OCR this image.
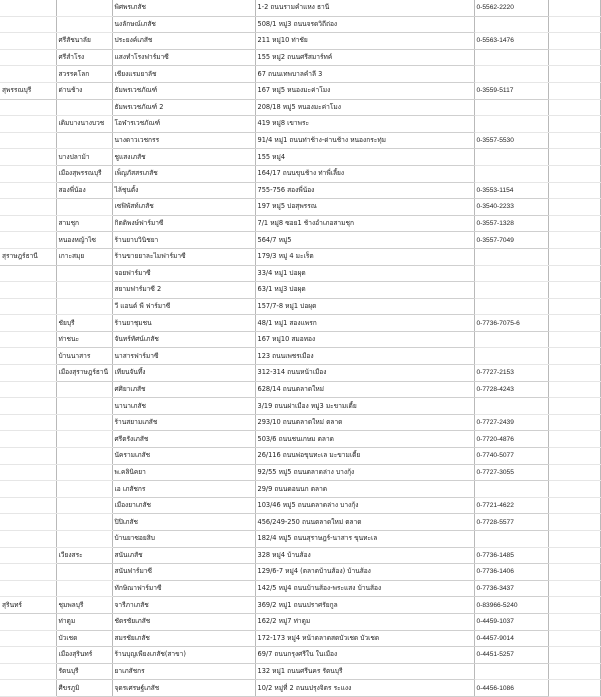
		พิศพรเภสัช	1-2 ถนนรามคำแหง ธานี	0-5562-2220	
		นงลักษณ์เภสัช	508/1 หมู่3 ถนนจรดวิถีถ่อง		
	ศรีสัชนาลัย	ประยงค์เภสัช	211 หมู่10 ท่าชัย	0-5563-1476	
	ศรีสำโรง	แสงทำโรงฟาร์มาซี	155 หมู่2 ถนนศรีสมาร์ทค์		
	สวรรคโลก	เชียงแรมยาลัช	67 ถนนเทพบาลคำลี 3		
สุพรรณบุรี	ด่านช้าง	ธัมพรเวชภัณฑ์	167 หมู่5 หนองมะค่าโมง	0-3559-5117	
		ธัมพรเวชภัณฑ์ 2	208/18 หมู่5 หนองมะค่าโมง		
	เดิมบางนางบวช	โอฬารเวชภัณฑ์	419 หมู่8 เขาพระ		
		นางดาวเวชกรร	91/4 หมู่1 ถนนท่าช้าง-ด่านช้าง หนองกระทุ่ม	0-3557-5530	
	บางปลาม้า	ชูแสงเภสัช	155 หมู่4		
	เมืองสุพรรณบุรี	เพ็ญภัสสรเภสัช	164/17 ถนนขุนช้าง ท่าพี่เลี้ยง		
	สองพี่น้อง	ไล้ชุนตั้ง	755-756 สองพี่น้อง	0-3553-1154	
		เซฟิพัสท์เภสัช	197 หมู่5 บ่อสุพรรณ	0-3540-2233	
	สามชุก	กิตติพงษ์ฟาร์มาซี	7/1 หมู่8 ซอย1 ช้างอำเภอสามชุก	0-3557-1328	
	หนองหญ้าไซ	ร้านยาบวินิชยา	564/7 หมู่5	0-3557-7049	
สุราษฎร์ธานี	เกาะสมุย	ร้านขายยาละไมฟาร์มาซี	179/3 หมู่ 4 มะเร็ต		
		จอยฟาร์มาซี	33/4 หมู่1 บ่อผุด		
		สยามฟาร์มาซี 2	63/1 หมู่3 บ่อผุด		
		วี แอนด์ พี ฟาร์มาซี	157/7-8 หมู่1 บ่อผุด		
	ชัยบุรี	ร้านยาชุมชน	48/1 หมู่1 สองแพรก	0-7736-7075-6	
	ท่าชนะ	จันทร์ทัศน์เภสัช	167 หมู่10 สมอทอง		
	บ้านนาสาร	นาสารฟาร์มาซี	123 ถนนเพชรเมือง		
	เมืองสุราษฎร์ธานี	เทียนจันทึ้ง	312-314 ถนนหน้าเมือง	0-7727-2153	
		ศศิยาเภสัช	628/14 ถนนตลาดใหม่	0-7728-4243	
		นานาเภสัช	3/19 ถนนผ่าเมือง หมู่3 มะขามเตี้ย		
		ร้านสยามเภสัช	293/10 ถนนตลาดใหม่ ตลาด	0-7727-2439	
		ศรีตรังเภสัช	503/6 ถนนชนเกษม ตลาด	0-7720-4876	
		นัครามเภสัช	26/116 ถนนพ่อขุนทะเล มะขามเตี้ย	0-7740-5077	
		พ.คลินิคยา	92/55 หมู่5 ถนนตลาดล่าง บางกุ้ง	0-7727-3055	
		เอ เภสัชกร	29/9 ถนนดอนนก ตลาด		
		เมืองยาเภสัช	103/46 หมู่5 ถนนตลาดล่าง บางกุ้ง	0-7721-4622	
		ปิปิเภสัช	456/249-250 ถนนตลาดใหม่ ตลาด	0-7728-5577	
		บ้านยาซอยสิบ	182/4 หมู่5 ถนนสุราษฎร์-นาสาร ขุนทะเล		
	เวียงสระ	สนันเภสัช	328 หมู่4 บ้านส้อง	0-7736-1485	
		สนันฟาร์มาซี	129/6-7 หมู่4 (ตลาดบ้านส้อง) บ้านส้อง	0-7736-1406	
		ทักษิณาฟาร์มาซี	142/5 หมู่4 ถนนบ้านส้อง-พระแสง บ้านส้อง	0-7736-3437	
สุรินทร์	ชุมพลบุรี	จารีภาเภสัช	369/2 หมู่1 ถนนปราศรัยกูล	0-83966-5240	
	ท่าตูม	ชัดรชัยเภสัช	162/2 หมู่7 ท่าตูม	0-4459-1037	
	บัวเชด	สมรชัยเภสัช	172-173 หมู่4 หน้าตลาดสดบัวเชด บัวเชด	0-4457-9014	
	เมืองสุรินทร์	ร้านบุญเพียงเภสัช(สาขา)	69/7 ถนนกรุงศรีใน ในเมือง	0-4451-5257	
	รัตนบุรี	ยาเภสัชกร	132 หมู่1 ถนนศรีนคร รัตนบุรี		
	ศีขรภูมิ	จุดรเศรษฐ์เภสัช	10/2 หมู่ที่ 2 ถนนปรุงจิตร ระแงง	0-4456-1086	
